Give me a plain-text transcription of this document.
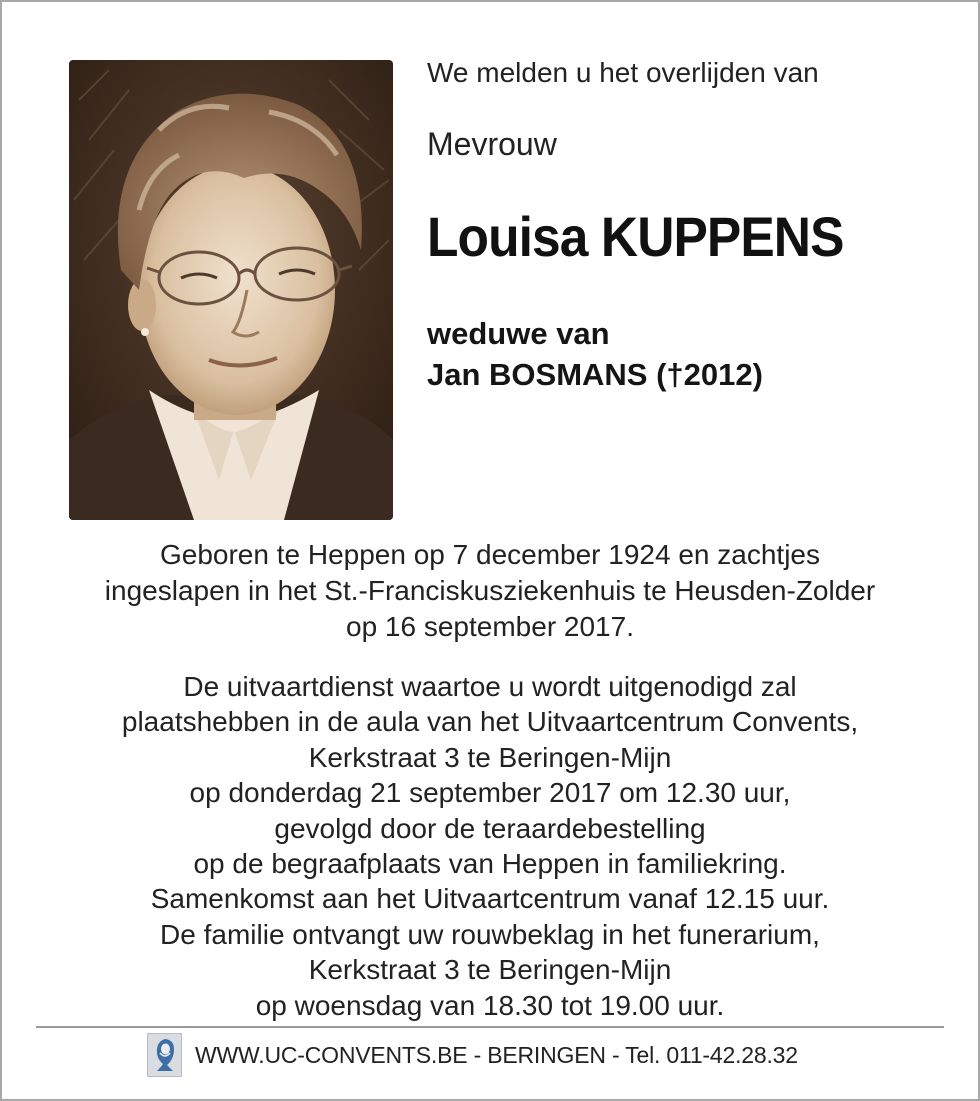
We melden u het overlijden van
Mevrouw
Louisa KUPPENS
weduwe van
Jan BOSMANS (†2012)
Geboren te Heppen op 7 december 1924 en zachtjes
ingeslapen in het St.-Franciskusziekenhuis te Heusden-Zolder
op 16 september 2017.
De uitvaartdienst waartoe u wordt uitgenodigd zal
plaatshebben in de aula van het Uitvaartcentrum Convents,
Kerkstraat 3 te Beringen-Mijn
op donderdag 21 september 2017 om 12.30 uur,
gevolgd door de teraardebestelling
op de begraafplaats van Heppen in familiekring.
Samenkomst aan het Uitvaartcentrum vanaf 12.15 uur.
De familie ontvangt uw rouwbeklag in het funerarium,
Kerkstraat 3 te Beringen-Mijn
op woensdag van 18.30 tot 19.00 uur.
WWW.UC-CONVENTS.BE - BERINGEN - Tel. 011-42.28.32
